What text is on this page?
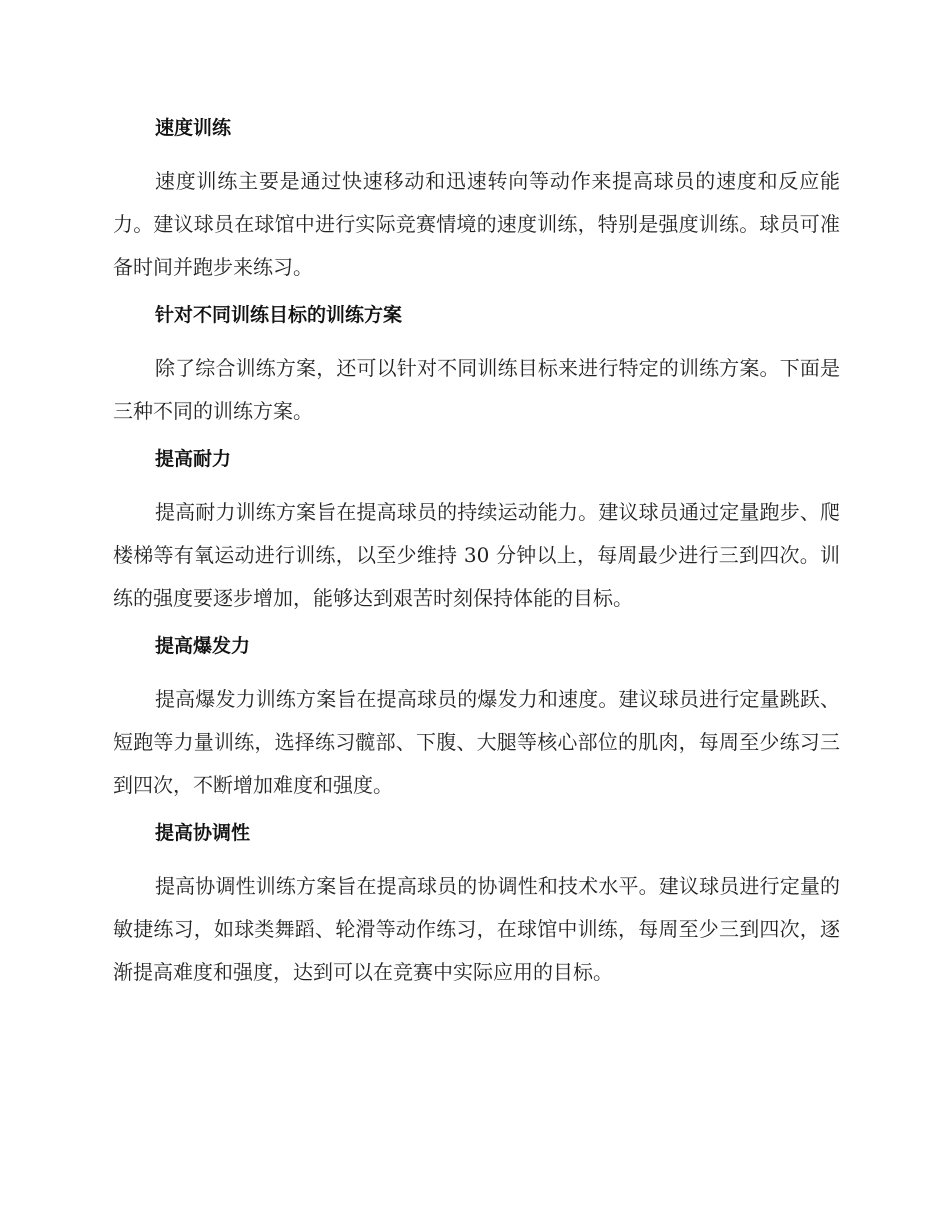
速度训练

速度训练主要是通过快速移动和迅速转向等动作来提高球员的速度和反应能力。建议球员在球馆中进行实际竞赛情境的速度训练，特别是强度训练。球员可准备时间并跑步来练习。

针对不同训练目标的训练方案

除了综合训练方案，还可以针对不同训练目标来进行特定的训练方案。下面是三种不同的训练方案。

提高耐力

提高耐力训练方案旨在提高球员的持续运动能力。建议球员通过定量跑步、爬楼梯等有氧运动进行训练，以至少维持 30 分钟以上，每周最少进行三到四次。训练的强度要逐步增加，能够达到艰苦时刻保持体能的目标。

提高爆发力

提高爆发力训练方案旨在提高球员的爆发力和速度。建议球员进行定量跳跃、短跑等力量训练，选择练习髋部、下腹、大腿等核心部位的肌肉，每周至少练习三到四次，不断增加难度和强度。

提高协调性

提高协调性训练方案旨在提高球员的协调性和技术水平。建议球员进行定量的敏捷练习，如球类舞蹈、轮滑等动作练习，在球馆中训练，每周至少三到四次，逐渐提高难度和强度，达到可以在竞赛中实际应用的目标。
